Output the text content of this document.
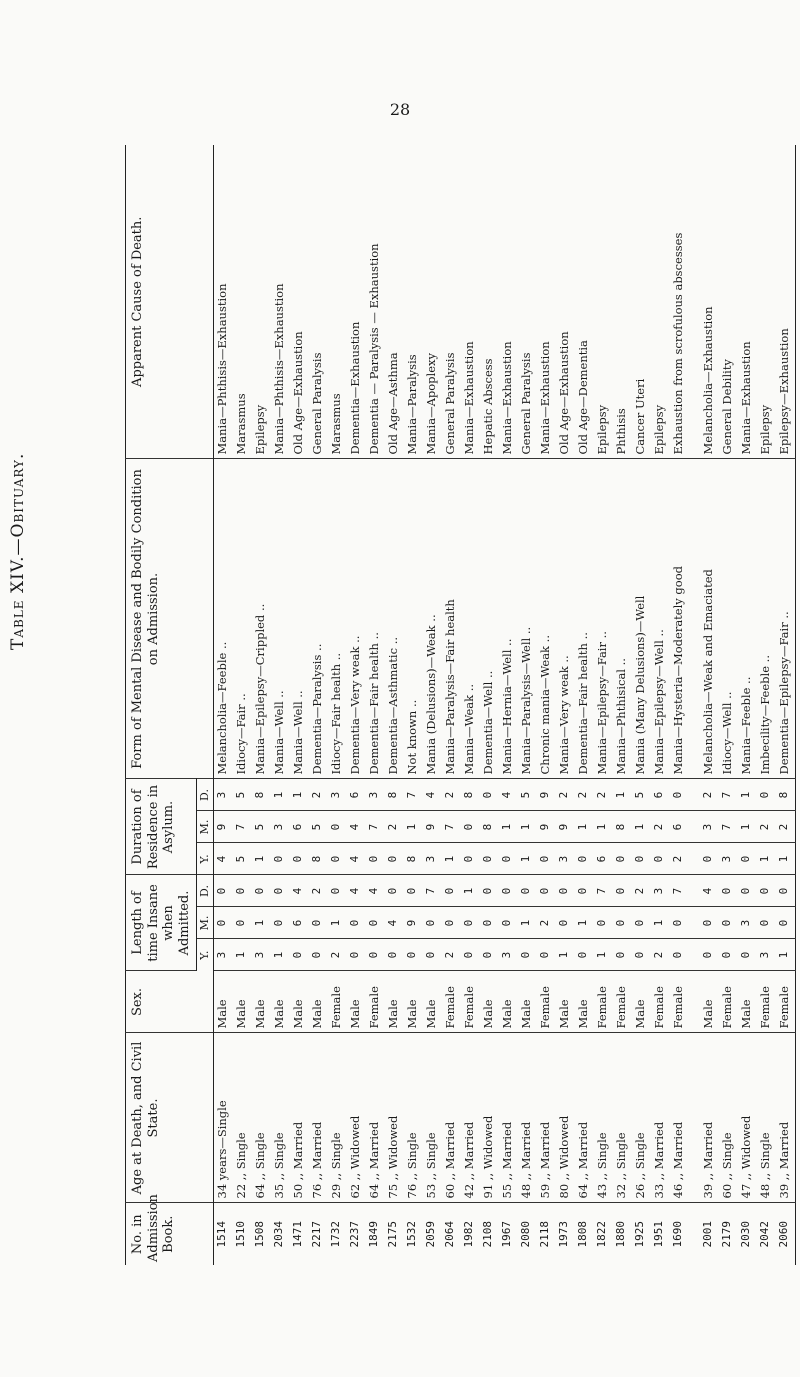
28
Table XIV.—Obituary.
No. in Admission Book.	Age at Death, and Civil State.	Sex.	Length of time Insane when Admitted.			Duration of Residence in Asylum.			Form of Mental Disease and Bodily Condition on Admission.	Apparent Cause of Death.
			Y.	M.	D.	Y.	M.	D.		
1514	34 years—Single	Male	3	0	0	4	9	3	Melancholia—Feeble ..	Mania—Phthisis—Exhaustion
1510	22 ,, Single	Male	1	0	0	5	7	5	Idiocy—Fair ..	Marasmus
1508	64 ,, Single	Male	3	1	0	1	5	8	Mania—Epilepsy—Crippled ..	Epilepsy
2034	35 ,, Single	Male	1	0	0	0	3	1	Mania—Well ..	Mania—Phthisis—Exhaustion
1471	50 ,, Married	Male	0	6	4	0	6	1	Mania—Well ..	Old Age—Exhaustion
2217	76 ,, Married	Male	0	0	2	8	5	2	Dementia—Paralysis ..	General Paralysis
1732	29 ,, Single	Female	2	1	0	0	0	3	Idiocy—Fair health ..	Marasmus
2237	62 ,, Widowed	Male	0	0	4	4	4	6	Dementia—Very weak ..	Dementia—Exhaustion
1849	64 ,, Married	Female	0	0	4	0	7	3	Dementia—Fair health ..	Dementia — Paralysis — Exhaustion
2175	75 ,, Widowed	Male	0	4	0	0	2	8	Dementia—Asthmatic ..	Old Age—Asthma
1532	76 ,, Single	Male	0	9	0	8	1	7	Not known ..	Mania—Paralysis
2059	53 ,, Single	Male	0	0	7	3	9	4	Mania (Delusions)—Weak ..	Mania—Apoplexy
2064	60 ,, Married	Female	2	0	0	1	7	2	Mania—Paralysis—Fair health	General Paralysis
1982	42 ,, Married	Female	0	0	1	0	0	8	Mania—Weak ..	Mania—Exhaustion
2108	91 ,, Widowed	Male	0	0	0	0	8	0	Dementia—Well ..	Hepatic Abscess
1967	55 ,, Married	Male	3	0	0	0	1	4	Mania—Hernia—Well ..	Mania—Exhaustion
2080	48 ,, Married	Male	0	1	0	1	1	5	Mania—Paralysis—Well ..	General Paralysis
2118	59 ,, Married	Female	0	2	0	0	9	9	Chronic mania—Weak ..	Mania—Exhaustion
1973	80 ,, Widowed	Male	1	0	0	3	9	2	Mania—Very weak ..	Old Age—Exhaustion
1808	64 ,, Married	Male	0	1	0	0	1	2	Dementia—Fair health ..	Old Age—Dementia
1822	43 ,, Single	Female	1	0	7	6	1	2	Mania—Epilepsy—Fair ..	Epilepsy
1880	32 ,, Single	Female	0	0	0	0	8	1	Mania—Phthisical ..	Phthisis
1925	26 ,, Single	Male	0	0	2	0	1	5	Mania (Many Delusions)—Well	Cancer Uteri
1951	33 ,, Married	Female	2	1	3	0	2	6	Mania—Epilepsy—Well ..	Epilepsy
1690	46 ,, Married	Female	0	0	7	2	6	0	Mania—Hysteria—Moderately good	Exhaustion from scrofulous abscesses

2001	39 ,, Married	Male	0	0	4	0	3	2	Melancholia—Weak and Emaciated	Melancholia—Exhaustion
2179	60 ,, Single	Female	0	0	0	3	7	7	Idiocy—Well ..	General Debility
2030	47 ,, Widowed	Male	0	3	0	0	1	1	Mania—Feeble ..	Mania—Exhaustion
2042	48 ,, Single	Female	3	0	0	1	2	0	Imbecility—Feeble ..	Epilepsy
2060	39 ,, Married	Female	1	0	0	1	2	8	Dementia—Epilepsy—Fair ..	Epilepsy—Exhaustion
